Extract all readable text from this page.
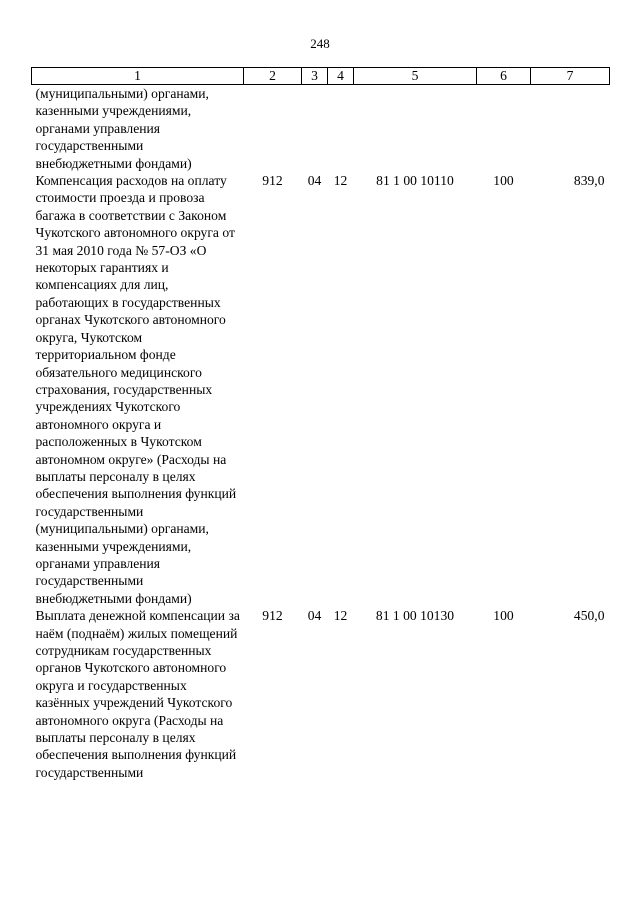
248
1	2	3	4	5	6	7
(муниципальными) органами, казенными учреждениями, органами управления государственными внебюджетными фондами)						
Компенсация расходов на оплату стоимости проезда и провоза багажа в соответствии с Законом Чукотского автономного округа от 31 мая 2010 года № 57-ОЗ «О некоторых гарантиях и компенсациях для лиц, работающих в государственных органах Чукотского автономного округа, Чукотском территориальном фонде обязательного медицинского страхования, государственных учреждениях Чукотского автономного округа и расположенных в Чукотском автономном округе» (Расходы на выплаты персоналу в целях обеспечения выполнения функций государственными (муниципальными) органами, казенными учреждениями, органами управления государственными внебюджетными фондами)	912	04	12	81 1 00 10110	100	839,0
Выплата денежной компенсации за наём (поднаём) жилых помещений сотрудникам государственных органов Чукотского автономного округа и государственных казённых учреждений Чукотского автономного округа (Расходы на выплаты персоналу в целях обеспечения выполнения функций государственными	912	04	12	81 1 00 10130	100	450,0
